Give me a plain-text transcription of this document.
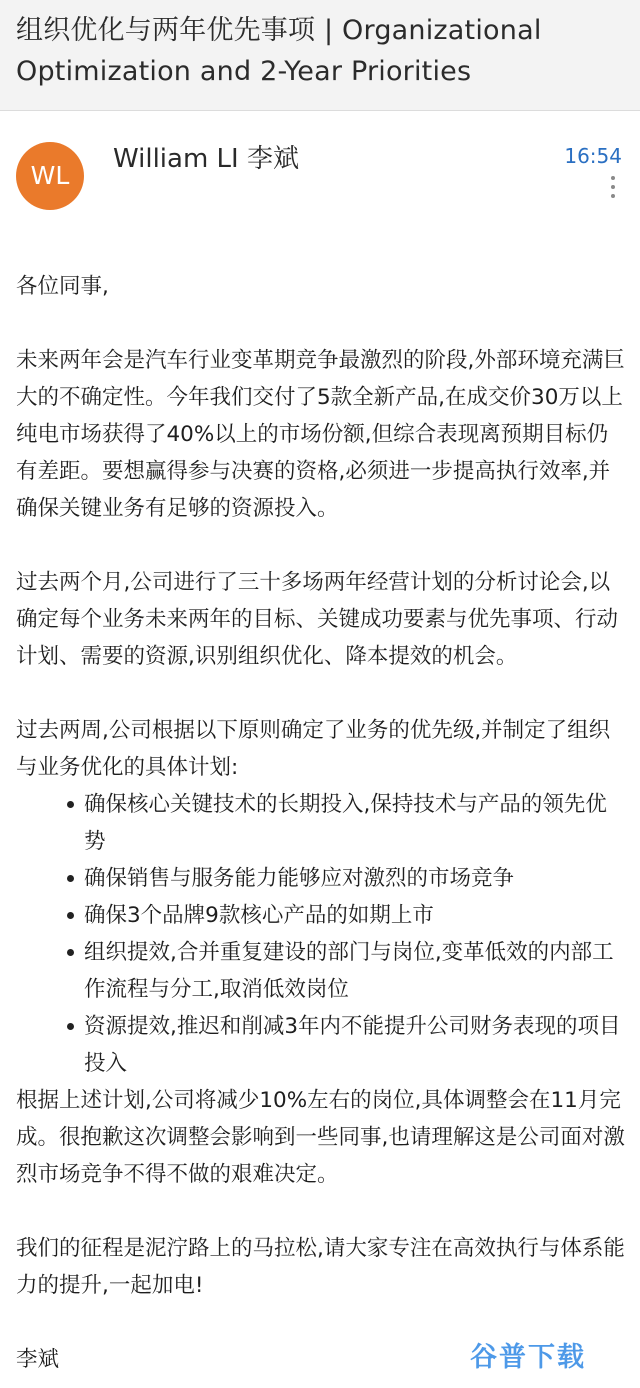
组织优化与两年优先事项 | Organizational Optimization and 2-Year Priorities
WL
William LI 李斌	16:54

各位同事,

未来两年会是汽车行业变革期竞争最激烈的阶段,外部环境充满巨大的不确定性。今年我们交付了5款全新产品,在成交价30万以上纯电市场获得了40%以上的市场份额,但综合表现离预期目标仍有差距。要想赢得参与决赛的资格,必须进一步提高执行效率,并确保关键业务有足够的资源投入。

过去两个月,公司进行了三十多场两年经营计划的分析讨论会,以确定每个业务未来两年的目标、关键成功要素与优先事项、行动计划、需要的资源,识别组织优化、降本提效的机会。

过去两周,公司根据以下原则确定了业务的优先级,并制定了组织与业务优化的具体计划:

确保核心关键技术的长期投入,保持技术与产品的领先优势
确保销售与服务能力能够应对激烈的市场竞争
确保3个品牌9款核心产品的如期上市
组织提效,合并重复建设的部门与岗位,变革低效的内部工作流程与分工,取消低效岗位
资源提效,推迟和削减3年内不能提升公司财务表现的项目投入

根据上述计划,公司将减少10%左右的岗位,具体调整会在11月完成。很抱歉这次调整会影响到一些同事,也请理解这是公司面对激烈市场竞争不得不做的艰难决定。

我们的征程是泥泞路上的马拉松,请大家专注在高效执行与体系能力的提升,一起加电!

李斌	谷普下载
